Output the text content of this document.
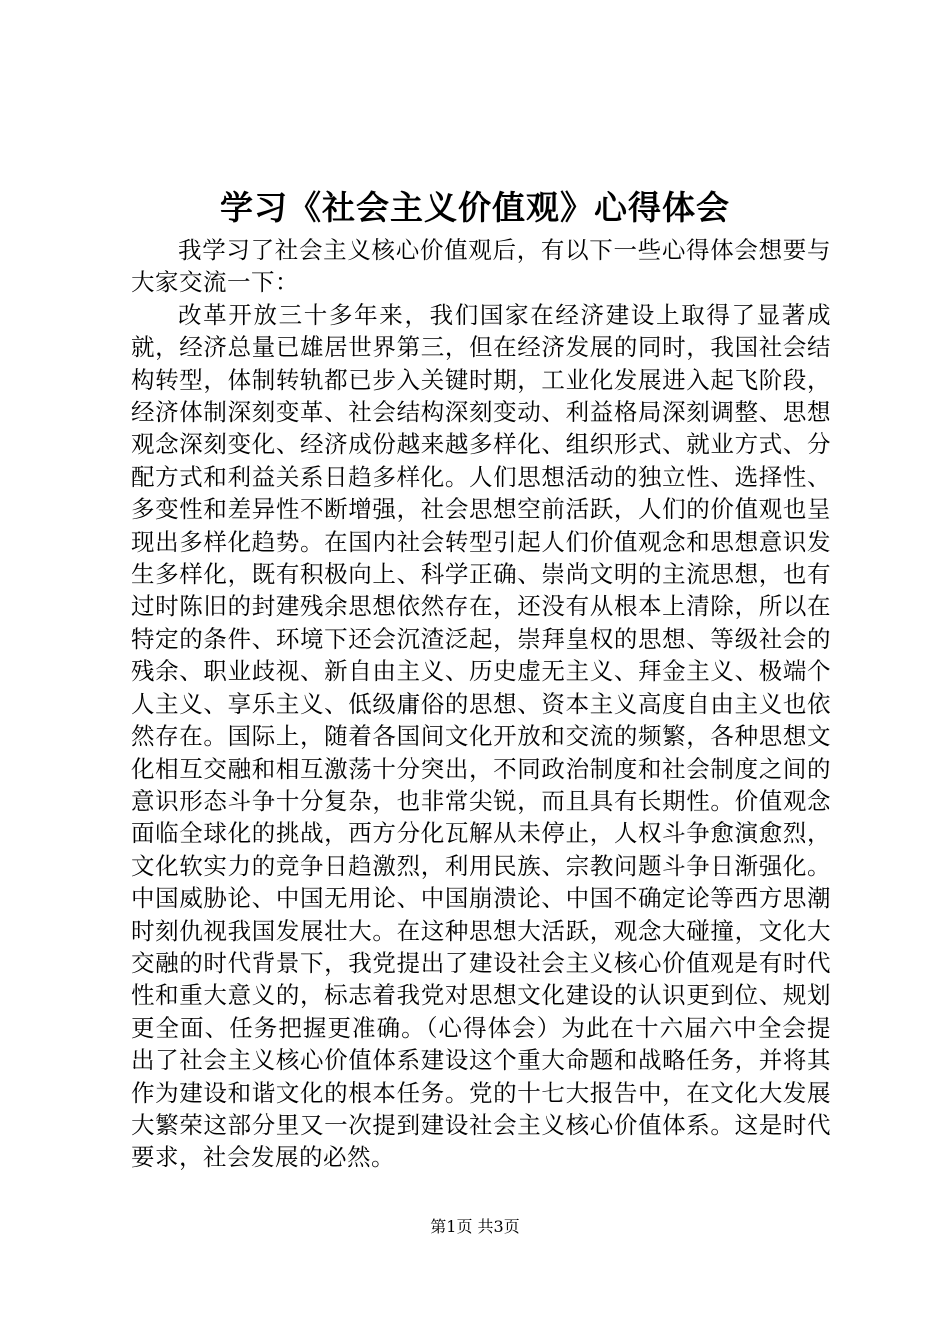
学习《社会主义价值观》心得体会

我学习了社会主义核心价值观后，有以下一些心得体会想要与大家交流一下：

改革开放三十多年来，我们国家在经济建设上取得了显著成就，经济总量已雄居世界第三，但在经济发展的同时，我国社会结构转型，体制转轨都已步入关键时期，工业化发展进入起飞阶段，经济体制深刻变革、社会结构深刻变动、利益格局深刻调整、思想观念深刻变化、经济成份越来越多样化、组织形式、就业方式、分配方式和利益关系日趋多样化。人们思想活动的独立性、选择性、多变性和差异性不断增强，社会思想空前活跃，人们的价值观也呈现出多样化趋势。在国内社会转型引起人们价值观念和思想意识发生多样化，既有积极向上、科学正确、崇尚文明的主流思想，也有过时陈旧的封建残余思想依然存在，还没有从根本上清除，所以在特定的条件、环境下还会沉渣泛起，崇拜皇权的思想、等级社会的残余、职业歧视、新自由主义、历史虚无主义、拜金主义、极端个人主义、享乐主义、低级庸俗的思想、资本主义高度自由主义也依然存在。国际上，随着各国间文化开放和交流的频繁，各种思想文化相互交融和相互激荡十分突出，不同政治制度和社会制度之间的意识形态斗争十分复杂，也非常尖锐，而且具有长期性。价值观念面临全球化的挑战，西方分化瓦解从未停止，人权斗争愈演愈烈，文化软实力的竞争日趋激烈，利用民族、宗教问题斗争日渐强化。中国威胁论、中国无用论、中国崩溃论、中国不确定论等西方思潮时刻仇视我国发展壮大。在这种思想大活跃，观念大碰撞，文化大交融的时代背景下，我党提出了建设社会主义核心价值观是有时代性和重大意义的，标志着我党对思想文化建设的认识更到位、规划更全面、任务把握更准确。（心得体会）为此在十六届六中全会提出了社会主义核心价值体系建设这个重大命题和战略任务，并将其作为建设和谐文化的根本任务。党的十七大报告中，在文化大发展大繁荣这部分里又一次提到建设社会主义核心价值体系。这是时代要求，社会发展的必然。

第1页 共3页
